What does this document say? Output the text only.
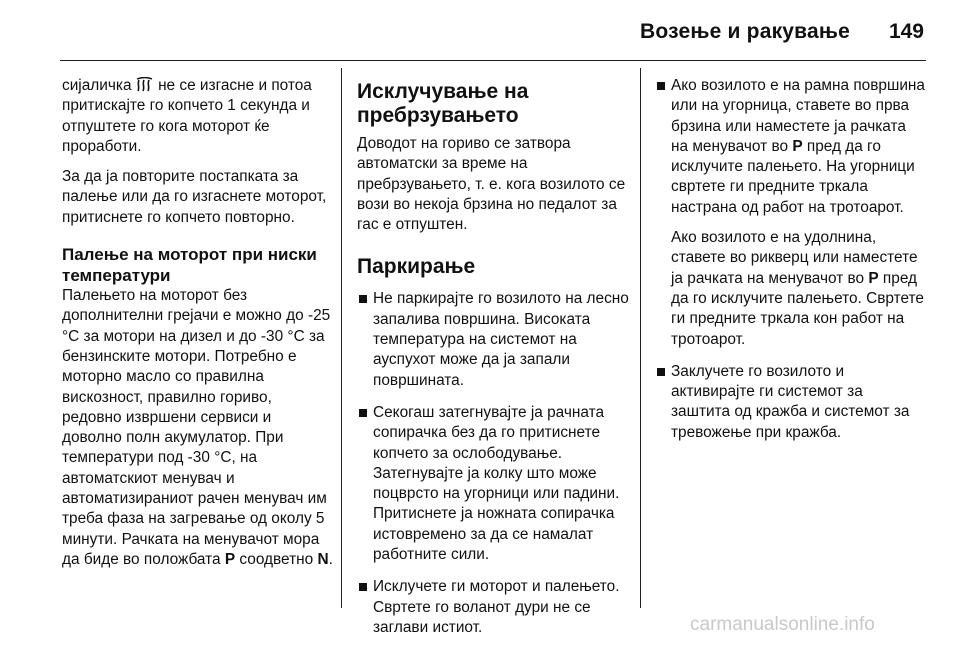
Возење и ракување	149

сијаличка не се изгасне и потоа притискајте го копчето 1 секунда и отпуштете го кога моторот ќе проработи.

За да ја повторите постапката за палење или да го изгаснете моторот, притиснете го копчето повторно.

Палење на моторот при ниски температури

Палењето на моторот без дополнителни грејачи е можно до -25 °C за мотори на дизел и до -30 °C за бензинските мотори. Потребно е моторно масло со правилна вискозност, правилно гориво, редовно извршени сервиси и доволно полн акумулатор. При температури под -30 °C, на автоматскиот менувач и автоматизираниот рачен менувач им треба фаза на загревање од околу 5 минути. Рачката на менувачот мора да биде во положбата P соодветно N.

Исклучување на пребрзувањето

Доводот на гориво се затвора автоматски за време на пребрзувањето, т. е. кога возилото се вози во некоја брзина но педалот за гас е отпуштен.

Паркирање

Не паркирајте го возилото на лесно запалива површина. Високата температура на системот на ауспухот може да ја запали површината.

Секогаш затегнувајте ја рачната сопирачка без да го притиснете копчето за ослободување. Затегнувајте ја колку што може поцврсто на угорници или падини. Притиснете ја ножната сопирачка истовремено за да се намалат работните сили.

Исклучете ги моторот и палењето. Свртете го воланот дури не се заглави истиот.

Ако возилото е на рамна површина или на угорница, ставете во прва брзина или наместете ја рачката на менувачот во P пред да го исклучите палењето. На угорници свртете ги предните тркала настрана од работ на тротоарот.

Ако возилото е на удолнина, ставете во рикверц или наместете ја рачката на менувачот во P пред да го исклучите палењето. Свртете ги предните тркала кон работ на тротоарот.

Заклучете го возилото и активирајте ги системот за заштита од кражба и системот за тревожење при кражба.

carmanualsonline.info
